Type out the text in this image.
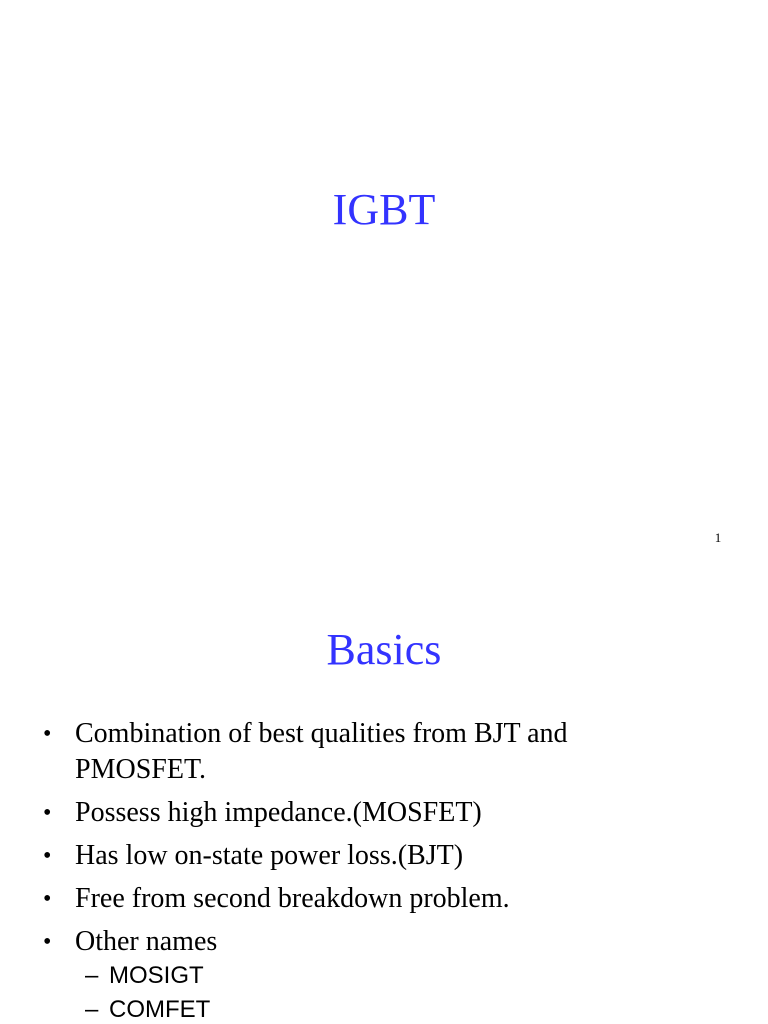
IGBT
1
Basics
• Combination of best qualities from BJT and PMOSFET.
• Possess high impedance.(MOSFET)
• Has low on-state power loss.(BJT)
• Free from second breakdown problem.
• Other names
– MOSIGT
– COMFET
